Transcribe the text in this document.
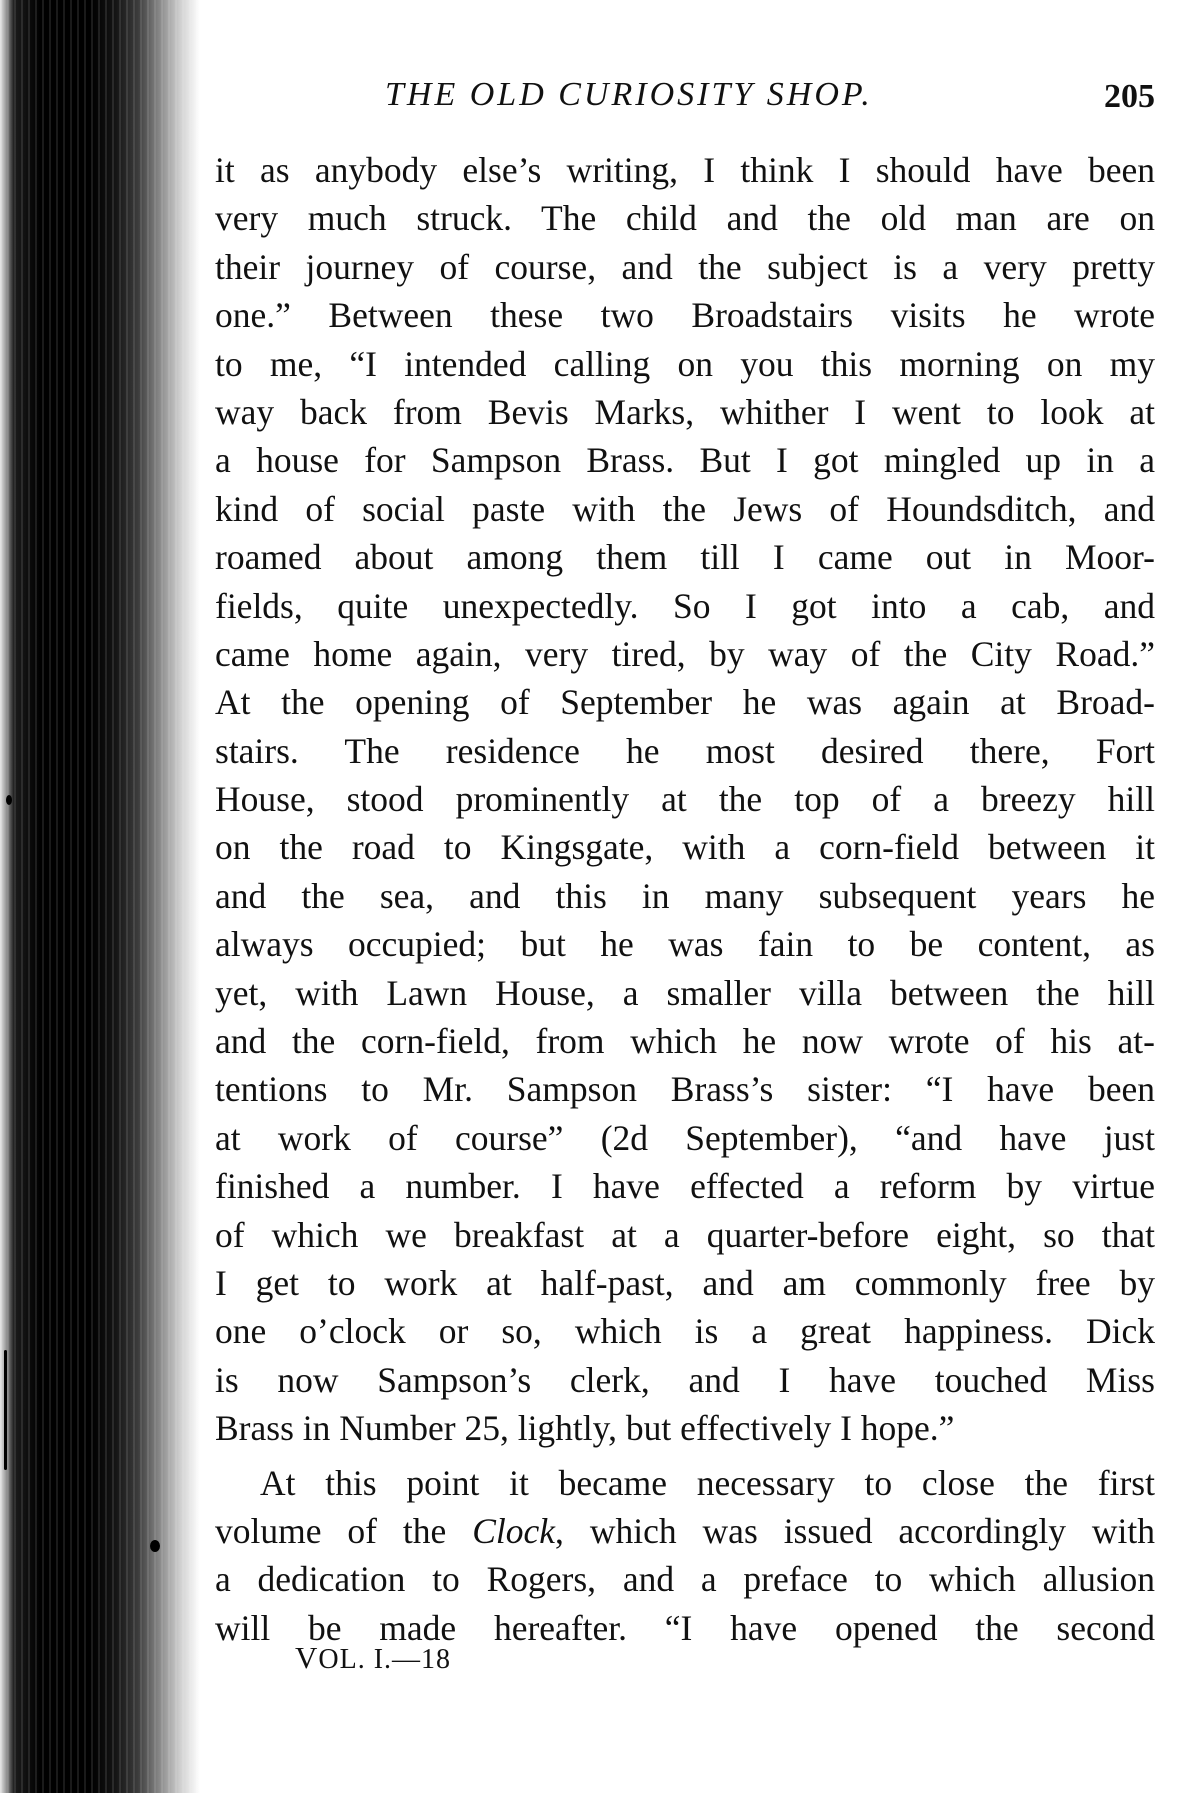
THE OLD CURIOSITY SHOP.	205
it as anybody else’s writing, I think I should have been
very much struck. The child and the old man are on
their journey of course, and the subject is a very pretty
one.” Between these two Broadstairs visits he wrote
to me, “I intended calling on you this morning on my
way back from Bevis Marks, whither I went to look at
a house for Sampson Brass. But I got mingled up in a
kind of social paste with the Jews of Houndsditch, and
roamed about among them till I came out in Moor-
fields, quite unexpectedly. So I got into a cab, and
came home again, very tired, by way of the City Road.”
At the opening of September he was again at Broad-
stairs. The residence he most desired there, Fort
House, stood prominently at the top of a breezy hill
on the road to Kingsgate, with a corn-field between it
and the sea, and this in many subsequent years he
always occupied; but he was fain to be content, as
yet, with Lawn House, a smaller villa between the hill
and the corn-field, from which he now wrote of his at-
tentions to Mr. Sampson Brass’s sister: “I have been
at work of course” (2d September), “and have just
finished a number. I have effected a reform by virtue
of which we breakfast at a quarter-before eight, so that
I get to work at half-past, and am commonly free by
one o’clock or so, which is a great happiness. Dick
is now Sampson’s clerk, and I have touched Miss
Brass in Number 25, lightly, but effectively I hope.”
At this point it became necessary to close the first
volume of the Clock, which was issued accordingly with
a dedication to Rogers, and a preface to which allusion
will be made hereafter. “I have opened the second
VOL. I.—18
